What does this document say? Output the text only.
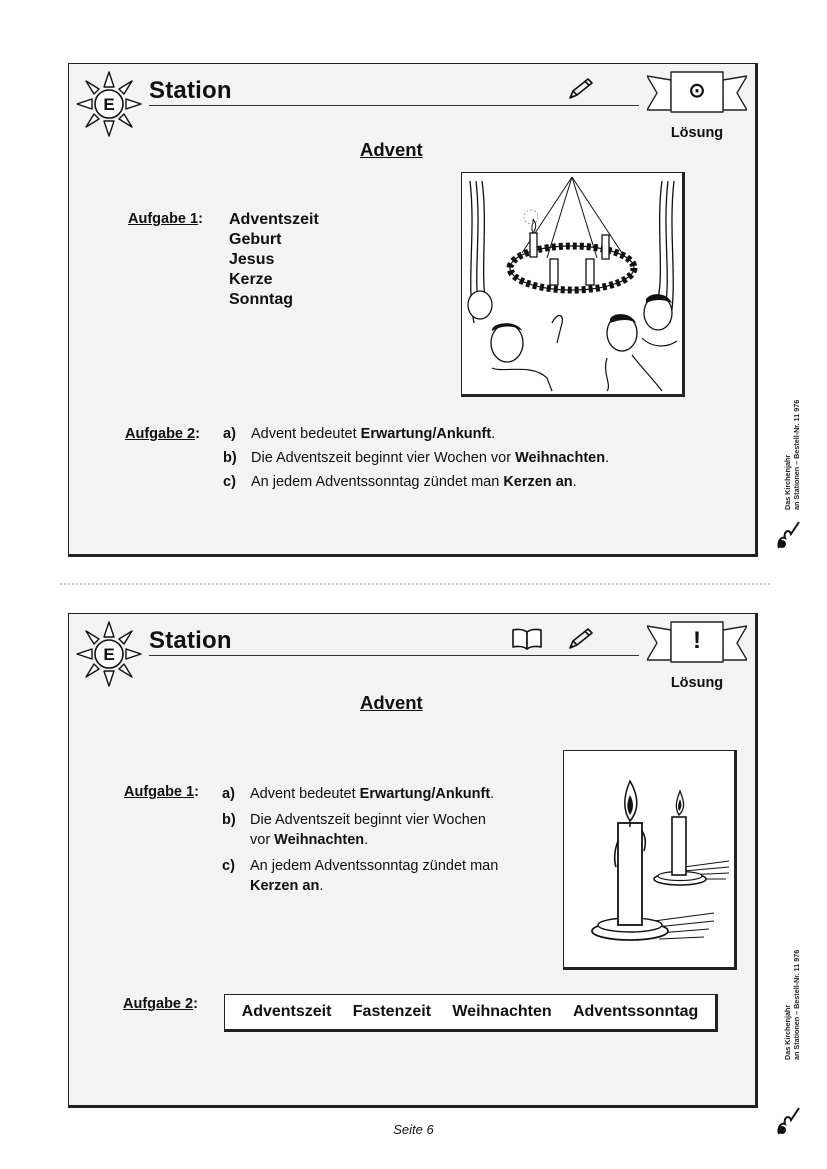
E
Station	⊙
Lösung
Advent
Aufgabe 1: Adventszeit
Geburt
Jesus
Kerze
Sonntag
Aufgabe 2: a) Advent bedeutet Erwartung/Ankunft.
b) Die Adventszeit beginnt vier Wochen vor Weihnachten.
c) An jedem Adventssonntag zündet man Kerzen an.
E
Station	!
Lösung
Advent
Aufgabe 1: a) Advent bedeutet Erwartung/Ankunft.
b) Die Adventszeit beginnt vier Wochen
vor Weihnachten.
c) An jedem Adventssonntag zündet man
Kerzen an.
Aufgabe 2:	Adventszeit Fastenzeit Weihnachten Adventssonntag
Das Kirchenjahr an Stationen – Bestell-Nr. 11 976
Das Kirchenjahr an Stationen – Bestell-Nr. 11 976
Seite 6
